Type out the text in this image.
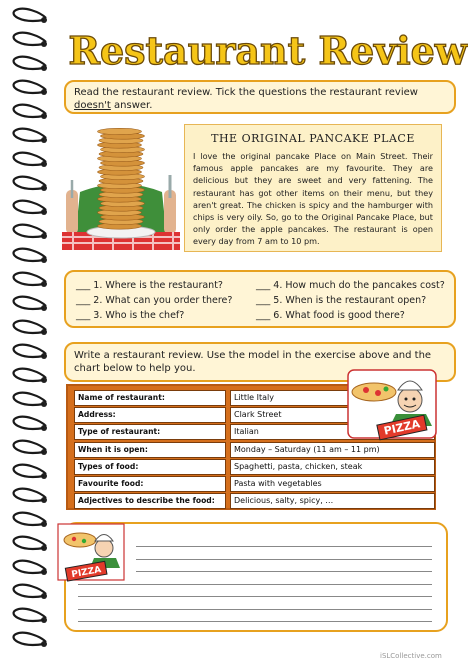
Restaurant Review
Read the restaurant review. Tick the questions the restaurant review doesn't answer.
THE ORIGINAL PANCAKE PLACE

I love the original pancake Place on Main Street. Their famous apple pancakes are my favourite. They are delicious but they are sweet and very fattening. The restaurant has got other items on their menu, but they aren't great. The chicken is spicy and the hamburger with chips is very oily. So, go to the Original Pancake Place, but only order the apple pancakes. The restaurant is open every day from 7 am to 10 pm.

___ 1. Where is the restaurant?
___ 2. What can you order there?
___ 3. Who is the chef?
___ 4. How much do the pancakes cost?
___ 5. When is the restaurant open?
___ 6. What food is good there?
Write a restaurant review. Use the model in the exercise above and the chart below to help you.
Name of restaurant:	Little Italy
Address:	Clark Street
Type of restaurant:	Italian
When it is open:	Monday – Saturday (11 am – 11 pm)
Types of food:	Spaghetti, pasta, chicken, steak
Favourite food:	Pasta with vegetables
Adjectives to describe the food:	Delicious, salty, spicy, …
PIZZA
PIZZA
iSLCollective.com
